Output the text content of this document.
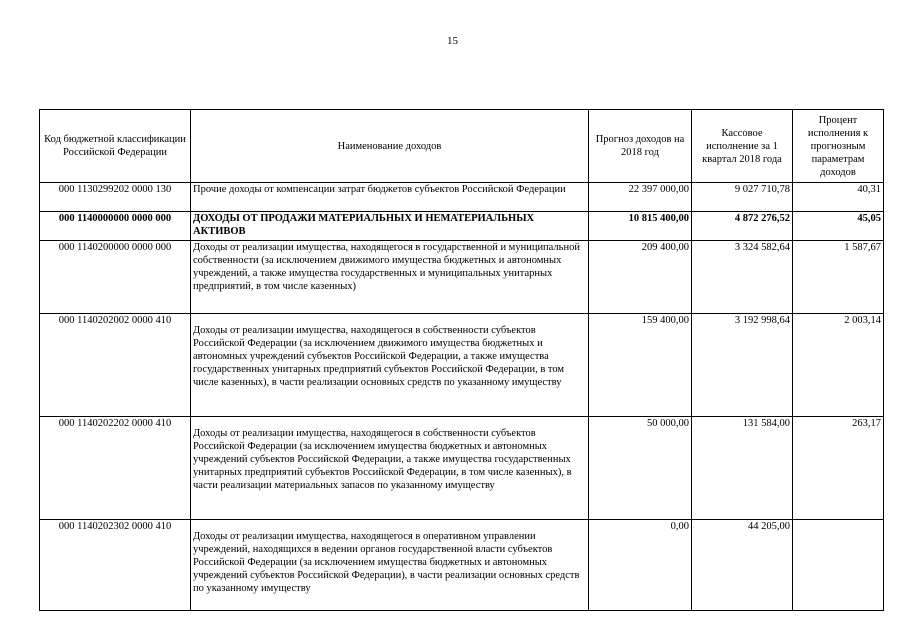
15
Код бюджетной классификации Российской Федерации	Наименование доходов	Прогноз доходов на 2018 год	Кассовое исполнение за 1 квартал 2018 года	Процент исполнения к прогнозным параметрам доходов
000 1130299202 0000 130	Прочие доходы от компенсации затрат бюджетов субъектов Российской Федерации	22 397 000,00	9 027 710,78	40,31
000 1140000000 0000 000	ДОХОДЫ ОТ ПРОДАЖИ МАТЕРИАЛЬНЫХ И НЕМАТЕРИАЛЬНЫХ АКТИВОВ	10 815 400,00	4 872 276,52	45,05
000 1140200000 0000 000	Доходы от реализации имущества, находящегося в государственной и муниципальной собственности (за исключением движимого имущества бюджетных и автономных учреждений, а также имущества государственных и муниципальных унитарных предприятий, в том числе казенных)	209 400,00	3 324 582,64	1 587,67
000 1140202002 0000 410	Доходы от реализации имущества, находящегося в собственности субъектов Российской Федерации (за исключением движимого имущества бюджетных и автономных учреждений субъектов Российской Федерации, а также имущества государственных унитарных предприятий субъектов Российской Федерации, в том числе казенных), в части реализации основных средств по указанному имуществу	159 400,00	3 192 998,64	2 003,14
000 1140202202 0000 410	Доходы от реализации имущества, находящегося в собственности субъектов Российской Федерации (за исключением имущества бюджетных и автономных учреждений субъектов Российской Федерации, а также имущества государственных унитарных предприятий субъектов Российской Федерации, в том числе казенных), в части реализации материальных запасов по указанному имуществу	50 000,00	131 584,00	263,17
000 1140202302 0000 410	Доходы от реализации имущества, находящегося в оперативном управлении учреждений, находящихся в ведении органов государственной власти субъектов Российской Федерации (за исключением имущества бюджетных и автономных учреждений субъектов Российской Федерации), в части реализации основных средств по указанному имуществу	0,00	44 205,00	
